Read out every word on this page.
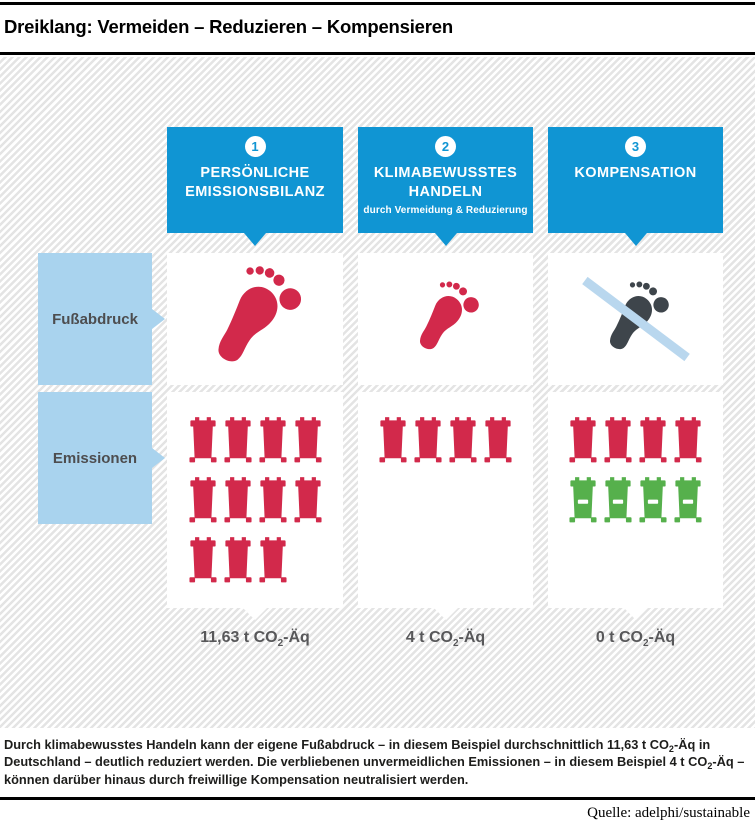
Dreiklang: Vermeiden – Reduzieren – Kompensieren
1
PERSÖNLICHE
EMISSIONSBILANZ
2
KLIMABEWUSSTES
HANDELN
durch Vermeidung & Reduzierung
3
KOMPENSATION
Fußabdruck
Emissionen
11,63 t $CO_2-Äq$	4 t $CO_2-Äq$	0 t $CO_2-Äq$
Durch klimabewusstes Handeln kann der eigene Fußabdruck – in diesem Beispiel durchschnittlich 11,63 t $CO_2-Äq$ in Deutschland – deutlich reduziert werden. Die verbliebenen unvermeidlichen Emissionen – in diesem Beispiel 4 t $CO_2-Äq$ – können darüber hinaus durch freiwillige Kompensation neutralisiert werden.
Quelle: adelphi/sustainable
